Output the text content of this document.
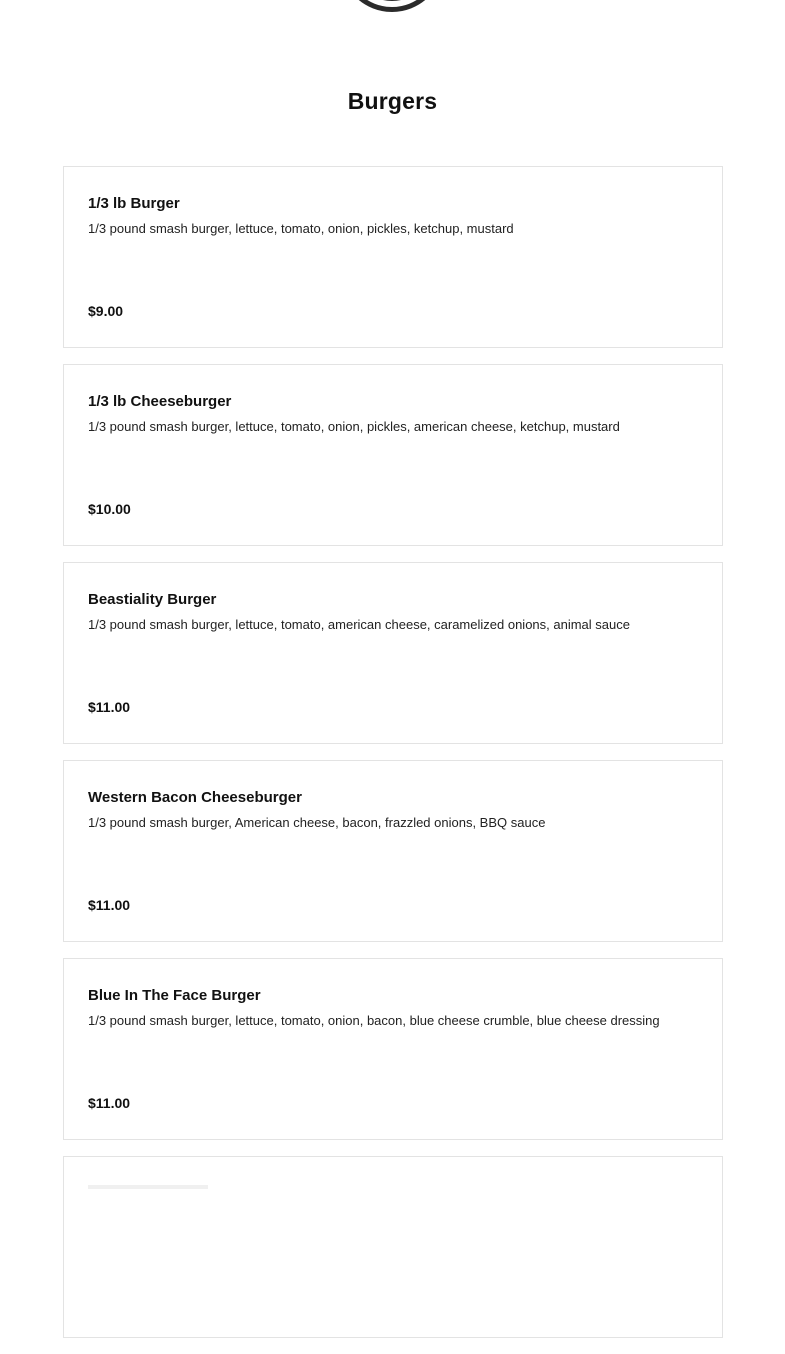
Burgers

1/3 lb Burger

1/3 pound smash burger, lettuce, tomato, onion, pickles, ketchup, mustard

$9.00

1/3 lb Cheeseburger

1/3 pound smash burger, lettuce, tomato, onion, pickles, american cheese, ketchup, mustard

$10.00

Beastiality Burger

1/3 pound smash burger, lettuce, tomato, american cheese, caramelized onions, animal sauce

$11.00

Western Bacon Cheeseburger

1/3 pound smash burger, American cheese, bacon, frazzled onions, BBQ sauce

$11.00

Blue In The Face Burger

1/3 pound smash burger, lettuce, tomato, onion, bacon, blue cheese crumble, blue cheese dressing

$11.00
